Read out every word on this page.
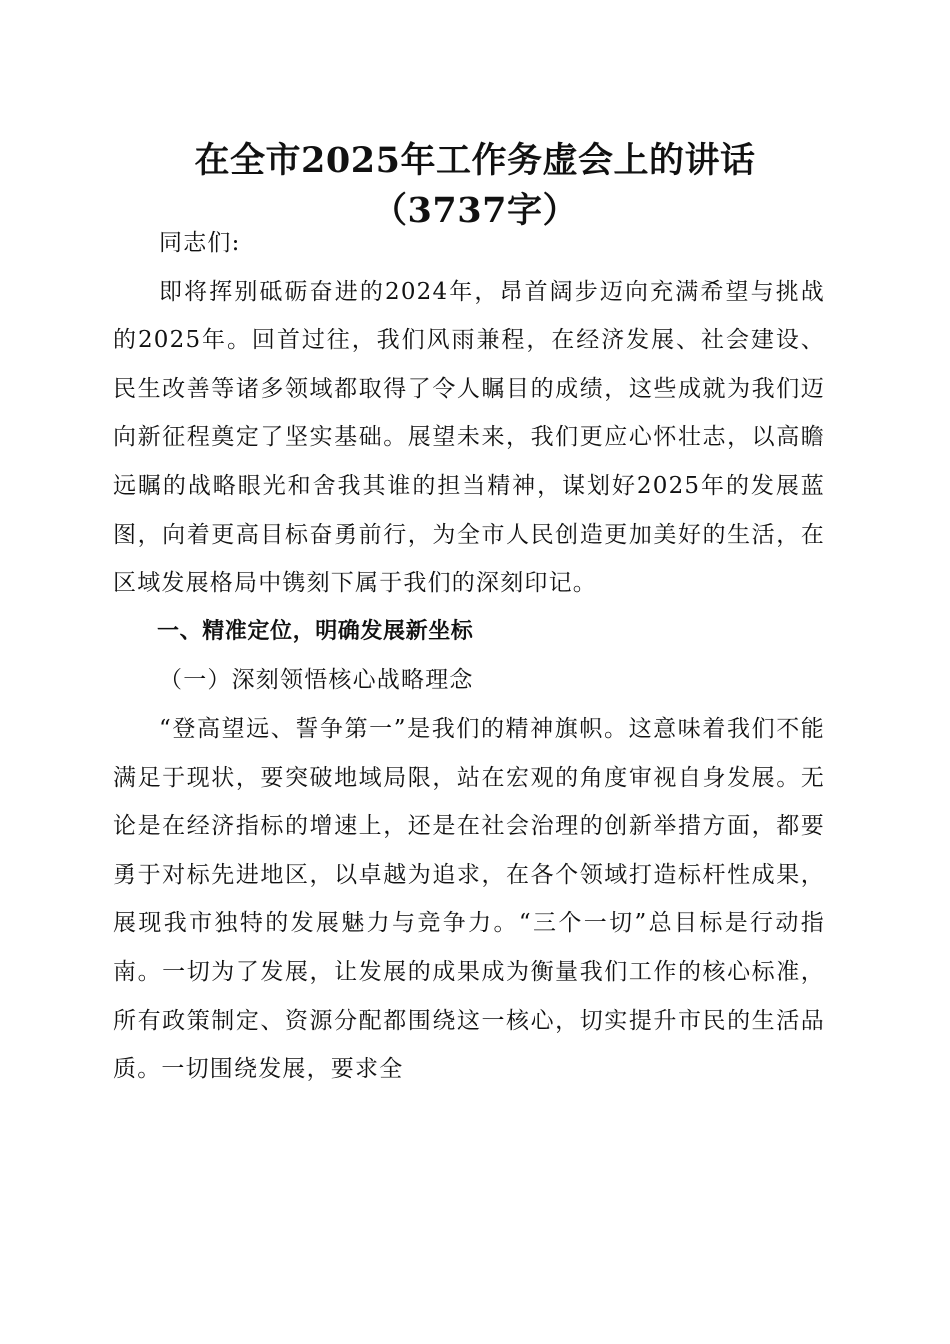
在全市2025年工作务虚会上的讲话（3737字）

同志们:

即将挥别砥砺奋进的2024年，昂首阔步迈向充满希望与挑战的2025年。回首过往，我们风雨兼程，在经济发展、社会建设、民生改善等诸多领域都取得了令人瞩目的成绩，这些成就为我们迈向新征程奠定了坚实基础。展望未来，我们更应心怀壮志，以高瞻远瞩的战略眼光和舍我其谁的担当精神，谋划好2025年的发展蓝图，向着更高目标奋勇前行，为全市人民创造更加美好的生活，在区域发展格局中镌刻下属于我们的深刻印记。

一、精准定位，明确发展新坐标

（一）深刻领悟核心战略理念

“登高望远、誓争第一”是我们的精神旗帜。这意味着我们不能满足于现状，要突破地域局限，站在宏观的角度审视自身发展。无论是在经济指标的增速上，还是在社会治理的创新举措方面，都要勇于对标先进地区，以卓越为追求，在各个领域打造标杆性成果，展现我市独特的发展魅力与竞争力。“三个一切”总目标是行动指南。一切为了发展，让发展的成果成为衡量我们工作的核心标准，所有政策制定、资源分配都围绕这一核心，切实提升市民的生活品质。一切围绕发展，要求全
